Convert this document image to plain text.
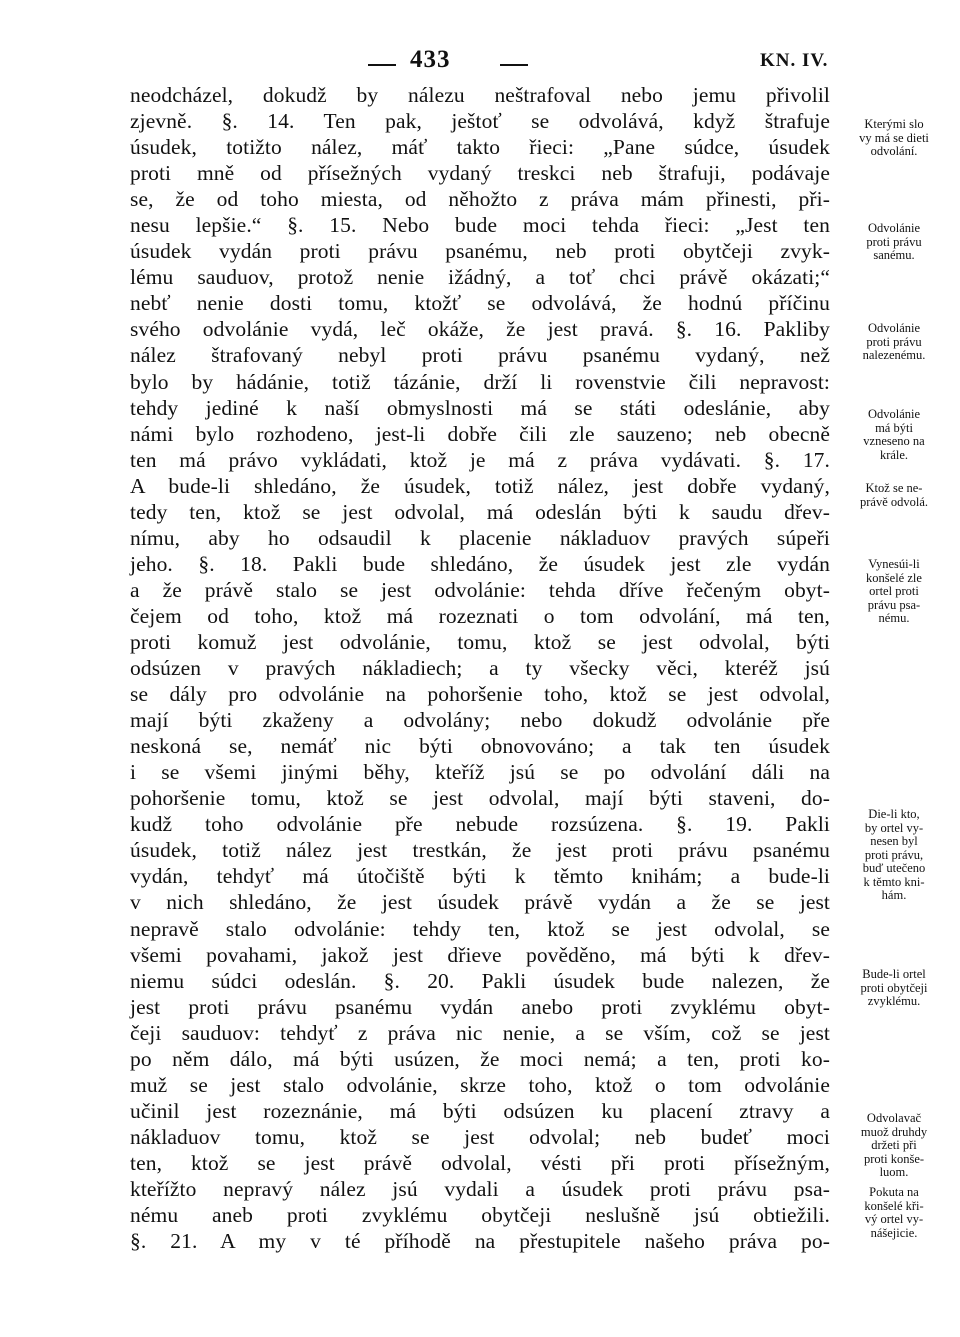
433	KN. IV.
neodcházel, dokudž by nálezu neštrafoval nebo jemu přivolil
zjevně. §. 14. Ten pak, ještoť se odvolává, když štrafuje
úsudek, totižto nález, máť takto řieci: „Pane súdce, úsudek
proti mně od přísežných vydaný treskci neb štrafuji, podávaje
se, že od toho miesta, od něhožto z práva mám přinesti, při-
nesu lepšie.“ §. 15. Nebo bude moci tehda řieci: „Jest ten
úsudek vydán proti právu psanému, neb proti obytčeji zvyk-
lému sauduov, protož nenie ižádný, a toť chci právě okázati;“
nebť nenie dosti tomu, ktožť se odvolává, že hodnú příčinu
svého odvolánie vydá, leč okáže, že jest pravá. §. 16. Pakliby
nález štrafovaný nebyl proti právu psanému vydaný, než
bylo by hádánie, totiž tázánie, drží li rovenstvie čili nepravost:
tehdy jediné k naší obmyslnosti má se státi odeslánie, aby
námi bylo rozhodeno, jest-li dobře čili zle sauzeno; neb obecně
ten má právo vykládati, ktož je má z práva vydávati. §. 17.
A bude-li shledáno, že úsudek, totiž nález, jest dobře vydaný,
tedy ten, ktož se jest odvolal, má odeslán býti k saudu dřev-
nímu, aby ho odsaudil k placenie nákladuov pravých súpeři
jeho. §. 18. Pakli bude shledáno, že úsudek jest zle vydán
a že právě stalo se jest odvolánie: tehda dříve řečeným obyt-
čejem od toho, ktož má rozeznati o tom odvolání, má ten,
proti komuž jest odvolánie, tomu, ktož se jest odvolal, býti
odsúzen v pravých nákladiech; a ty všecky věci, kteréž jsú
se dály pro odvolánie na pohoršenie toho, ktož se jest odvolal,
mají býti zkaženy a odvolány; nebo dokudž odvolánie pře
neskoná se, nemáť nic býti obnovováno; a tak ten úsudek
i se všemi jinými běhy, kteříž jsú se po odvolání dáli na
pohoršenie tomu, ktož se jest odvolal, mají býti staveni, do-
kudž toho odvolánie pře nebude rozsúzena. §. 19. Pakli
úsudek, totiž nález jest trestkán, že jest proti právu psanému
vydán, tehdyť má útočiště býti k těmto knihám; a bude-li
v nich shledáno, že jest úsudek právě vydán a že se jest
nepravě stalo odvolánie: tehdy ten, ktož se jest odvolal, se
všemi povahami, jakož jest dřieve pověděno, má býti k dřev-
niemu súdci odeslán. §. 20. Pakli úsudek bude nalezen, že
jest proti právu psanému vydán anebo proti zvyklému obyt-
čeji sauduov: tehdyť z práva nic nenie, a se vším, což se jest
po něm dálo, má býti usúzen, že moci nemá; a ten, proti ko-
muž se jest stalo odvolánie, skrze toho, ktož o tom odvolánie
učinil jest rozeznánie, má býti odsúzen ku placení ztravy a
nákladuov tomu, ktož se jest odvolal; neb budeť moci
ten, ktož se jest právě odvolal, vésti při proti přísežným,
kteřížto nepravý nález jsú vydali a úsudek proti právu psa-
nému aneb proti zvyklému obytčeji neslušně jsú obtiežili.
§. 21. A my v té příhodě na přestupitele našeho práva po-
Kterými slo
vy má se dieti
odvolání.
Odvolánie
proti právu
sanému.
Odvolánie
proti právu
nalezenému.
Odvolánie
má býti
vzneseno na
krále.
Ktož se ne-
právě odvolá.
Vynesúi-li
konšelé zle
ortel proti
právu psa-
nému.
Die-li kto,
by ortel vy-
nesen byl
proti právu,
buď utečeno
k těmto kni-
hám.
Bude-li ortel
proti obytčeji
zvyklému.
Odvolavač
muož druhdy
držeti při
proti konše-
luom.
Pokuta na
konšelé kři-
vý ortel vy-
nášejicie.
